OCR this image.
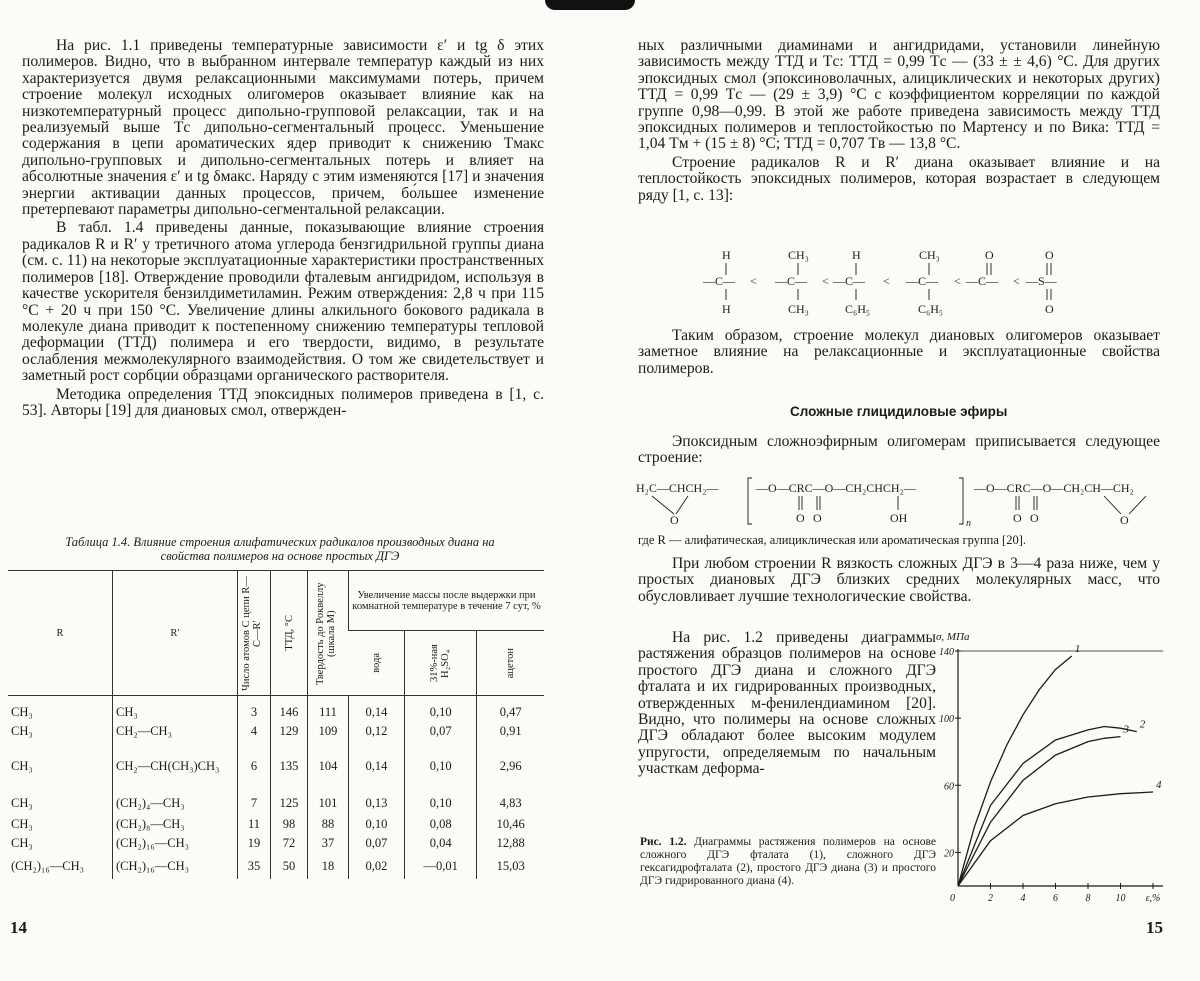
На рис. 1.1 приведены температурные зависимости ε′ и tg δ этих полимеров. Видно, что в выбранном интервале температур каждый из них характеризуется двумя релаксационными максимумами потерь, причем строение молекул исходных олигомеров оказывает влияние как на низкотемпературный процесс дипольно-групповой релаксации, так и на реализуемый выше Tс дипольно-сегментальный процесс. Уменьшение содержания в цепи ароматических ядер приводит к снижению Tмакс дипольно-групповых и дипольно-сегментальных потерь и влияет на абсолютные значения ε′ и tg δмакс. Наряду с этим изменяются [17] и значения энергии активации данных процессов, причем, бо́льшее изменение претерпевают параметры дипольно-сегментальной релаксации.

В табл. 1.4 приведены данные, показывающие влияние строения радикалов R и R′ у третичного атома углерода бензгидрильной группы диана (см. с. 11) на некоторые эксплуатационные характеристики пространственных полимеров [18]. Отверждение проводили фталевым ангидридом, используя в качестве ускорителя бензилдиметиламин. Режим отверждения: 2,8 ч при 115 °С + 20 ч при 150 °С. Увеличение длины алкильного бокового радикала в молекуле диана приводит к постепенному снижению температуры тепловой деформации (ТТД) полимера и его твердости, видимо, в результате ослабления межмолекулярного взаимодействия. О том же свидетельствует и заметный рост сорбции образцами органического растворителя.

Методика определения ТТД эпоксидных полимеров приведена в [1, с. 53]. Авторы [19] для диановых смол, отвержден-

Таблица 1.4. Влияние строения алифатических радикалов производных диана на свойства полимеров на основе простых ДГЭ
R	R′	Число атомов С цепи R—C—R′	ТТД, °С	Твердость до Роквеллу (шкала М)	Увеличение массы после выдержки при комнатной температуре в течение 7 сут, %		

					вода	31%-ная H₂SO₄	ацетон

CH₃	CH₃	3	146	111	0,14	0,10	0,47
CH₃	CH₂—CH₃	4	129	109	0,12	0,07	0,91
CH₃	CH₂—CH(CH₃)CH₃	6	135	104	0,14	0,10	2,96
CH₃	(CH₂)₄—CH₃	7	125	101	0,13	0,10	4,83
CH₃	(CH₂)₈—CH₃	11	98	88	0,10	0,08	10,46
CH₃	(CH₂)₁₆—CH₃	19	72	37	0,07	0,04	12,88
(CH₂)₁₆—CH₃	(CH₂)₁₆—CH₃	35	50	18	0,02	—0,01	15,03
14

ных различными диаминами и ангидридами, установили линейную зависимость между ТТД и Tс: ТТД = 0,99 Tс — (33 ± ± 4,6) °С. Для других эпоксидных смол (эпоксиноволачных, алициклических и некоторых других) ТТД = 0,99 Tс — (29 ± 3,9) °С с коэффициентом корреляции по каждой группе 0,98—0,99. В этой же работе приведена зависимость между ТТД эпоксидных полимеров и теплостойкостью по Мартенсу и по Вика: ТТД = 1,04 Tм + (15 ± 8) °С; ТТД = 0,707 Tв — 13,8 °С.

Строение радикалов R и R′ диана оказывает влияние и на теплостойкость эпоксидных полимеров, которая возрастает в следующем ряду [1, с. 13]:

H
—C—
H
<
CH₃
—C—
CH₃
<
H
—C—
C₆H₅
<
CH₃
—C—
C₆H₅
<
O
—C— <
O
—S—
O

Таким образом, строение молекул диановых олигомеров оказывает заметное влияние на релаксационные и эксплуатационные свойства полимеров.

Сложные глицидиловые эфиры

Эпоксидным сложноэфирным олигомерам приписывается следующее строение:

H₂C—CHCH₂—
O
—O—CRC—O—CH₂CHCH₂—
O O	OH	n
—O—CRC—O—CH₂CH—CH₂
O O	O
где R — алифатическая, алициклическая или ароматическая группа [20].

При любом строении R вязкость сложных ДГЭ в 3—4 раза ниже, чем у простых диановых ДГЭ близких средних молекулярных масс, что обусловливает лучшие технологические свойства.

На рис. 1.2 приведены диаграммы растяжения образцов полимеров на основе простого ДГЭ диана и сложного ДГЭ фталата и их гидрированных производных, отвержденных м-фенилендиамином [20]. Видно, что полимеры на основе сложных ДГЭ обладают более высоким модулем упругости, определяемым по начальным участкам деформа-

Рис. 1.2. Диаграммы растяжения полимеров на основе сложного ДГЭ фталата (1), сложного ДГЭ гексагидрофталата (2), простого ДГЭ диана (3) и простого ДГЭ гидрированного диана (4).
σ, МПа
20
60
100
140
2	4	6	8	10 ε,%
0
1
2
3
4
15
